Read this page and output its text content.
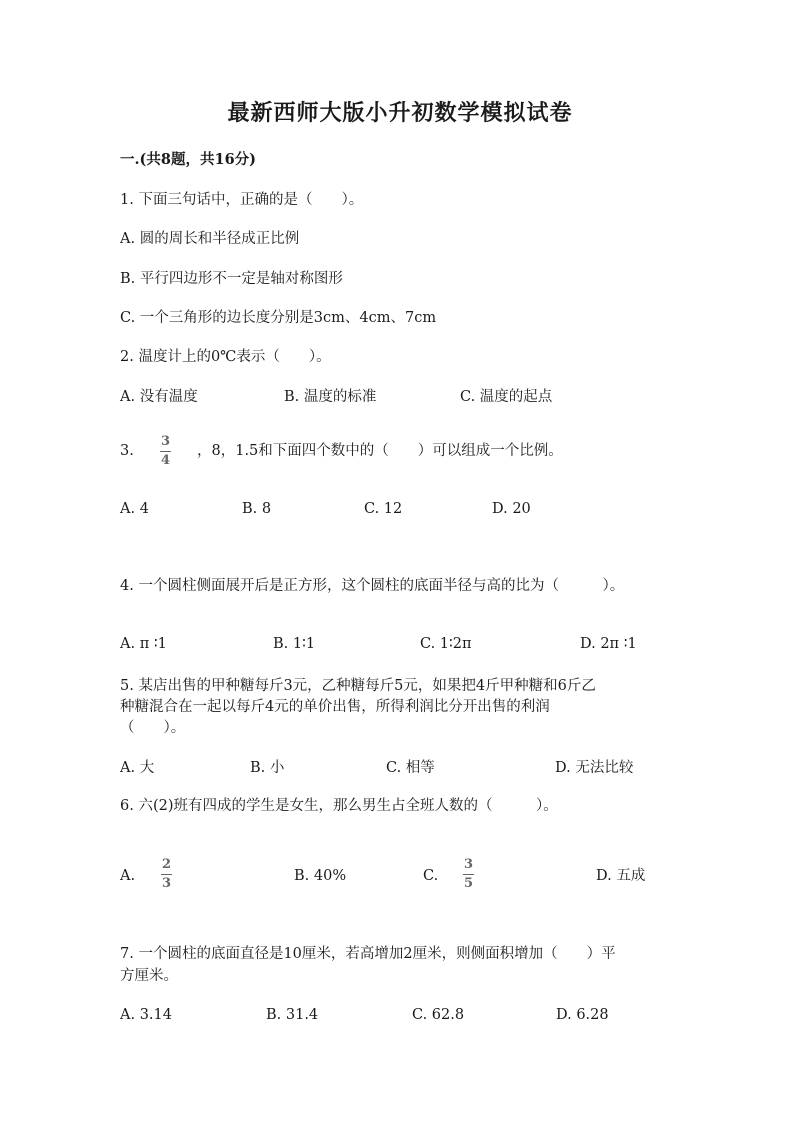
最新西师大版小升初数学模拟试卷
一.(共8题，共16分)
1. 下面三句话中，正确的是（　　）。
A. 圆的周长和半径成正比例
B. 平行四边形不一定是轴对称图形
C. 一个三角形的边长度分别是3cm、4cm、7cm
2. 温度计上的0℃表示（　　）。
A. 没有温度	B. 温度的标准	C. 温度的起点
3.
3
4
，8，1.5和下面四个数中的（　　）可以组成一个比例。
A. 4	B. 8	C. 12	D. 20
4. 一个圆柱侧面展开后是正方形，这个圆柱的底面半径与高的比为（　　　）。
A. π ∶1	B. 1∶1	C. 1∶2π	D. 2π ∶1
5. 某店出售的甲种糖每斤3元，乙种糖每斤5元，如果把4斤甲种糖和6斤乙
种糖混合在一起以每斤4元的单价出售，所得利润比分开出售的利润
（　　）。
A. 大	B. 小	C. 相等	D. 无法比较
6. 六(2)班有四成的学生是女生，那么男生占全班人数的（　　　）。
A.
2
3	B. 40%	C.
3
5	D. 五成
7. 一个圆柱的底面直径是10厘米，若高增加2厘米，则侧面积增加（　　）平
方厘米。
A. 3.14	B. 31.4	C. 62.8	D. 6.28
